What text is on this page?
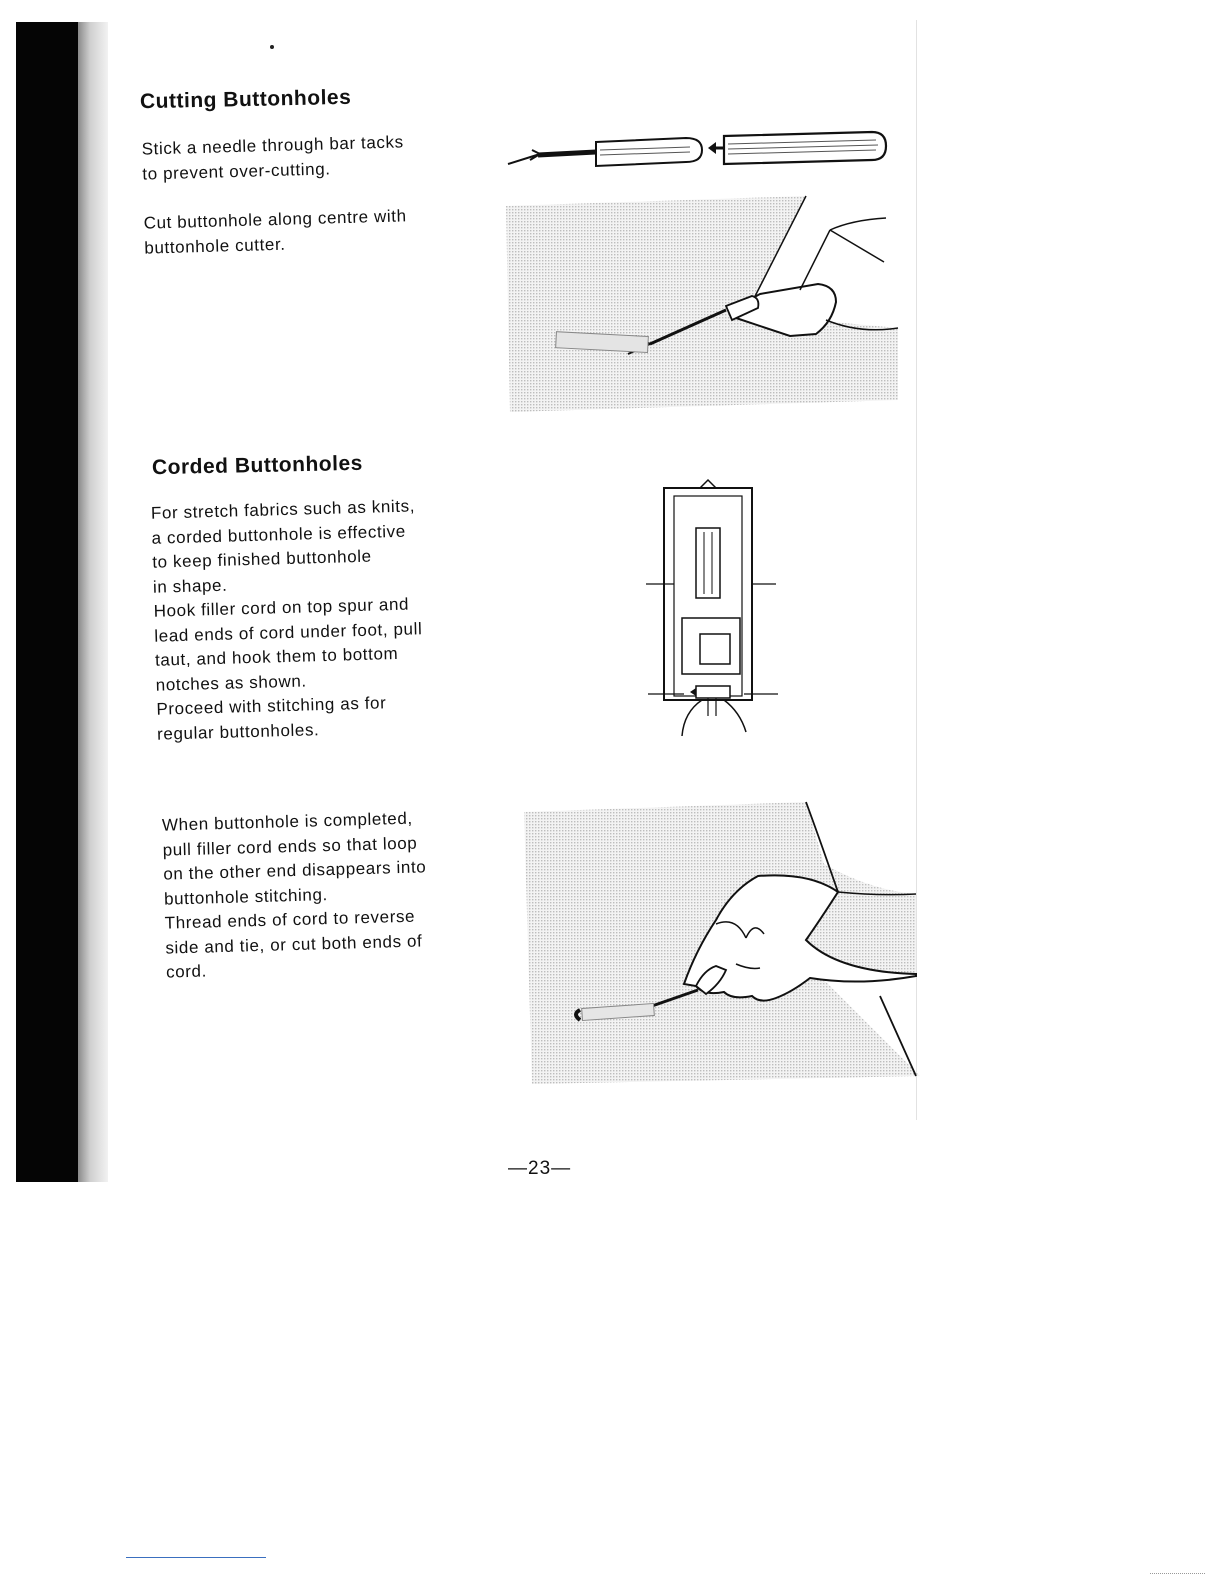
Cutting Buttonholes

Stick a needle through bar tacks
to prevent over-cutting.

Cut buttonhole along centre with
buttonhole cutter.

Corded Buttonholes

For stretch fabrics such as knits,
a corded buttonhole is effective
to keep finished buttonhole
in shape.
Hook filler cord on top spur and
lead ends of cord under foot, pull
taut, and hook them to bottom
notches as shown.
Proceed with stitching as for
regular buttonholes.

When buttonhole is completed,
pull filler cord ends so that loop
on the other end disappears into
buttonhole stitching.
Thread ends of cord to reverse
side and tie, or cut both ends of
cord.

—23—
